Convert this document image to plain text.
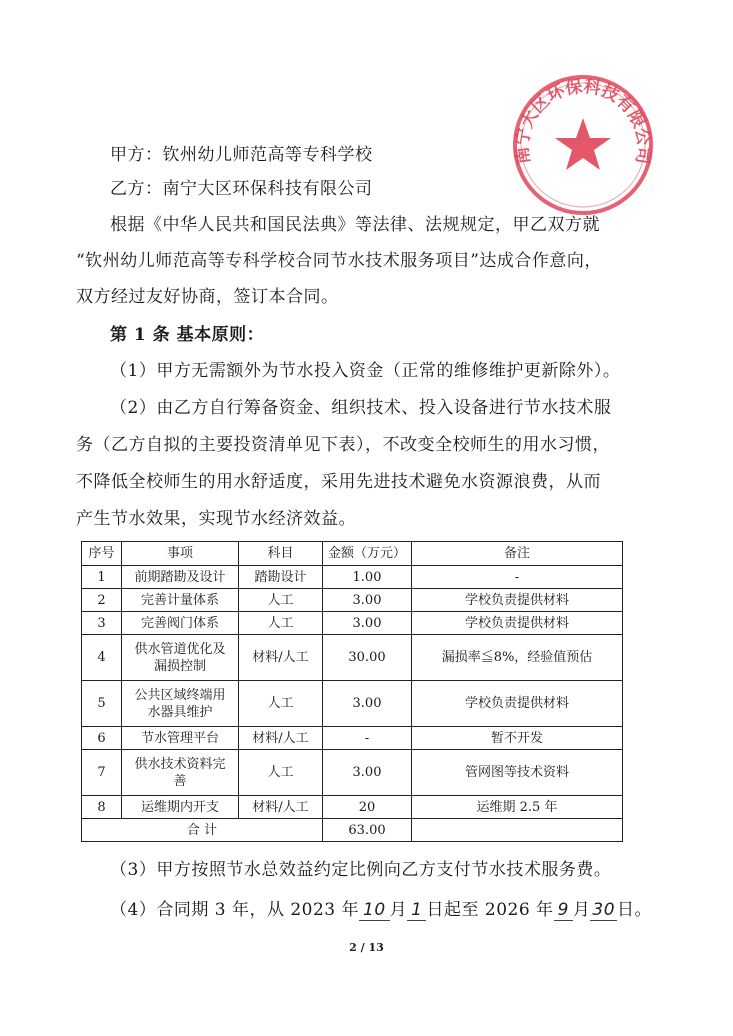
南宁大区环保科技有限公司
甲方：钦州幼儿师范高等专科学校
乙方：南宁大区环保科技有限公司
根据《中华人民共和国民法典》等法律、法规规定，甲乙双方就
“钦州幼儿师范高等专科学校合同节水技术服务项目”达成合作意向，
双方经过友好协商，签订本合同。
第 1 条 基本原则：
（1）甲方无需额外为节水投入资金（正常的维修维护更新除外）。
（2）由乙方自行筹备资金、组织技术、投入设备进行节水技术服
务（乙方自拟的主要投资清单见下表），不改变全校师生的用水习惯，
不降低全校师生的用水舒适度，采用先进技术避免水资源浪费，从而
产生节水效果，实现节水经济效益。
序号	事项	科目	金额（万元）	备注
1	前期踏勘及设计	踏勘设计	1.00	-
2	完善计量体系	人工	3.00	学校负责提供材料
3	完善阀门体系	人工	3.00	学校负责提供材料
4	供水管道优化及
漏损控制	材料/人工	30.00	漏损率≦8%，经验值预估
5	公共区域终端用
水器具维护	人工	3.00	学校负责提供材料
6	节水管理平台	材料/人工	-	暂不开发
7	供水技术资料完
善	人工	3.00	管网图等技术资料
8	运维期内开支	材料/人工	20	运维期 2.5 年
合 计			63.00	
（3）甲方按照节水总效益约定比例向乙方支付节水技术服务费。
（4）合同期 3 年，从 2023 年 10 月 1 日起至 2026 年 9 月 30 日。
2 / 13
